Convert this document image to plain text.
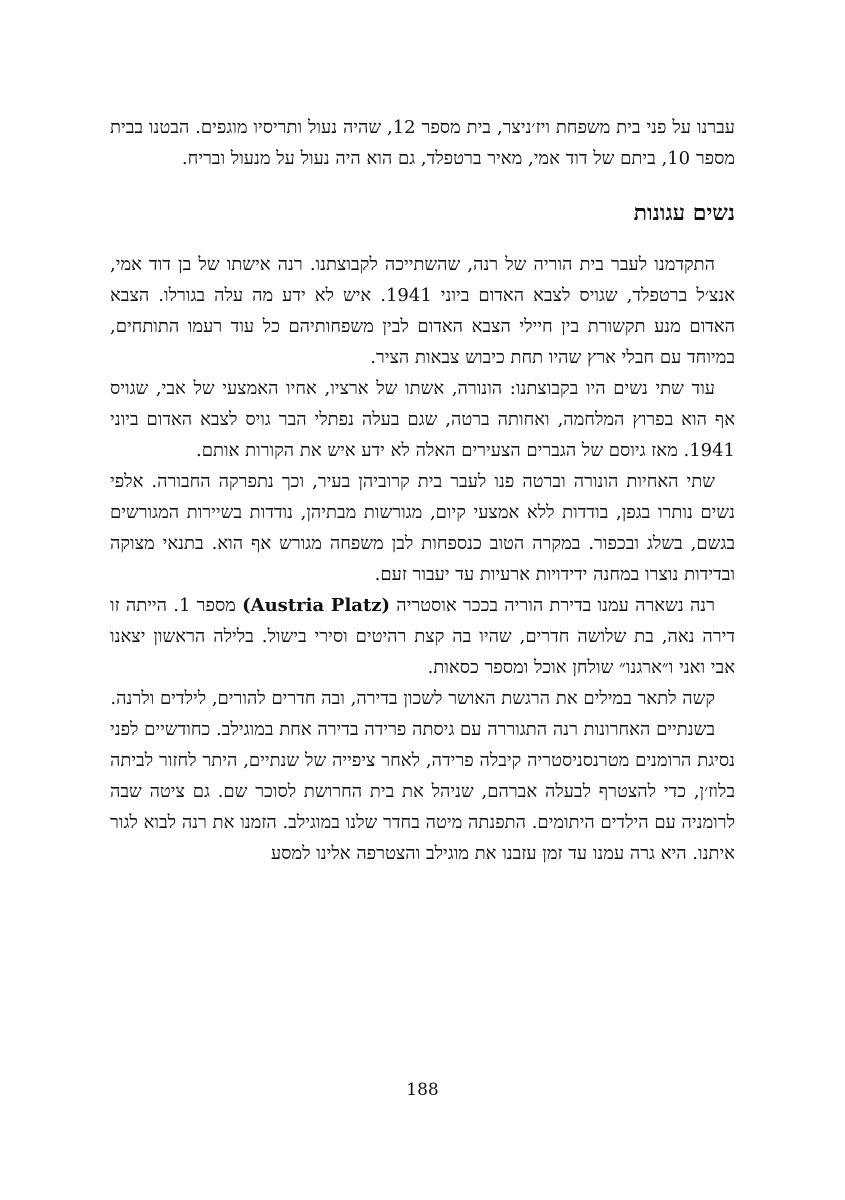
עברנו על פני בית משפחת ויז׳ניצר, בית מספר 12, שהיה נעול ותריסיו מוגפים. הבטנו בבית מספר 10, ביתם של דוד אמי, מאיר ברטפלד, גם הוא היה נעול על מנעול ובריח.

נשים עגונות

התקדמנו לעבר בית הוריה של רנה, שהשתייכה לקבוצתנו. רנה אישתו של בן דוד אמי, אנצ׳ל ברטפלד, שגויס לצבא האדום ביוני 1941. איש לא ידע מה עלה בגורלו. הצבא האדום מנע תקשורת בין חיילי הצבא האדום לבין משפחותיהם כל עוד רעמו התותחים, במיוחד עם חבלי ארץ שהיו תחת כיבוש צבאות הציר.

עוד שתי נשים היו בקבוצתנו: הונורה, אשתו של ארציו, אחיו האמצעי של אבי, שגויס אף הוא בפרוץ המלחמה, ואחותה ברטה, שגם בעלה נפתלי הבר גויס לצבא האדום ביוני 1941. מאז גיוסם של הגברים הצעירים האלה לא ידע איש את הקורות אותם.

שתי האחיות הונורה וברטה פנו לעבר בית קרוביהן בעיר, וכך נתפרקה החבורה. אלפי נשים נותרו בגפן, בודדות ללא אמצעי קיום, מגורשות מבתיהן, נודדות בשיירות המגורשים בגשם, בשלג ובכפור. במקרה הטוב כנספחות לבן משפחה מגורש אף הוא. בתנאי מצוקה ובדידות נוצרו במחנה ידידויות ארעיות עד יעבור זעם.

רנה נשארה עמנו בדירת הוריה בככר אוסטריה (Austria Platz) מספר 1. הייתה זו דירה נאה, בת שלושה חדרים, שהיו בה קצת רהיטים וסירי בישול. בלילה הראשון יצאנו אבי ואני ו״ארגנו״ שולחן אוכל ומספר כסאות.

קשה לתאר במילים את הרגשת האושר לשכון בדירה, ובה חדרים להורים, לילדים ולרנה.

בשנתיים האחרונות רנה התגוררה עם גיסתה פרידה בדירה אחת במוגילב. כחודשיים לפני נסיגת הרומנים מטרנסניסטריה קיבלה פרידה, לאחר ציפייה של שנתיים, היתר לחזור לביתה בלוז׳ן, כדי להצטרף לבעלה אברהם, שניהל את בית החרושת לסוכר שם. גם ציטה שבה לרומניה עם הילדים היתומים. התפנתה מיטה בחדר שלנו במוגילב. הזמנו את רנה לבוא לגור איתנו. היא גרה עמנו עד זמן עזבנו את מוגילב והצטרפה אלינו למסע

188
